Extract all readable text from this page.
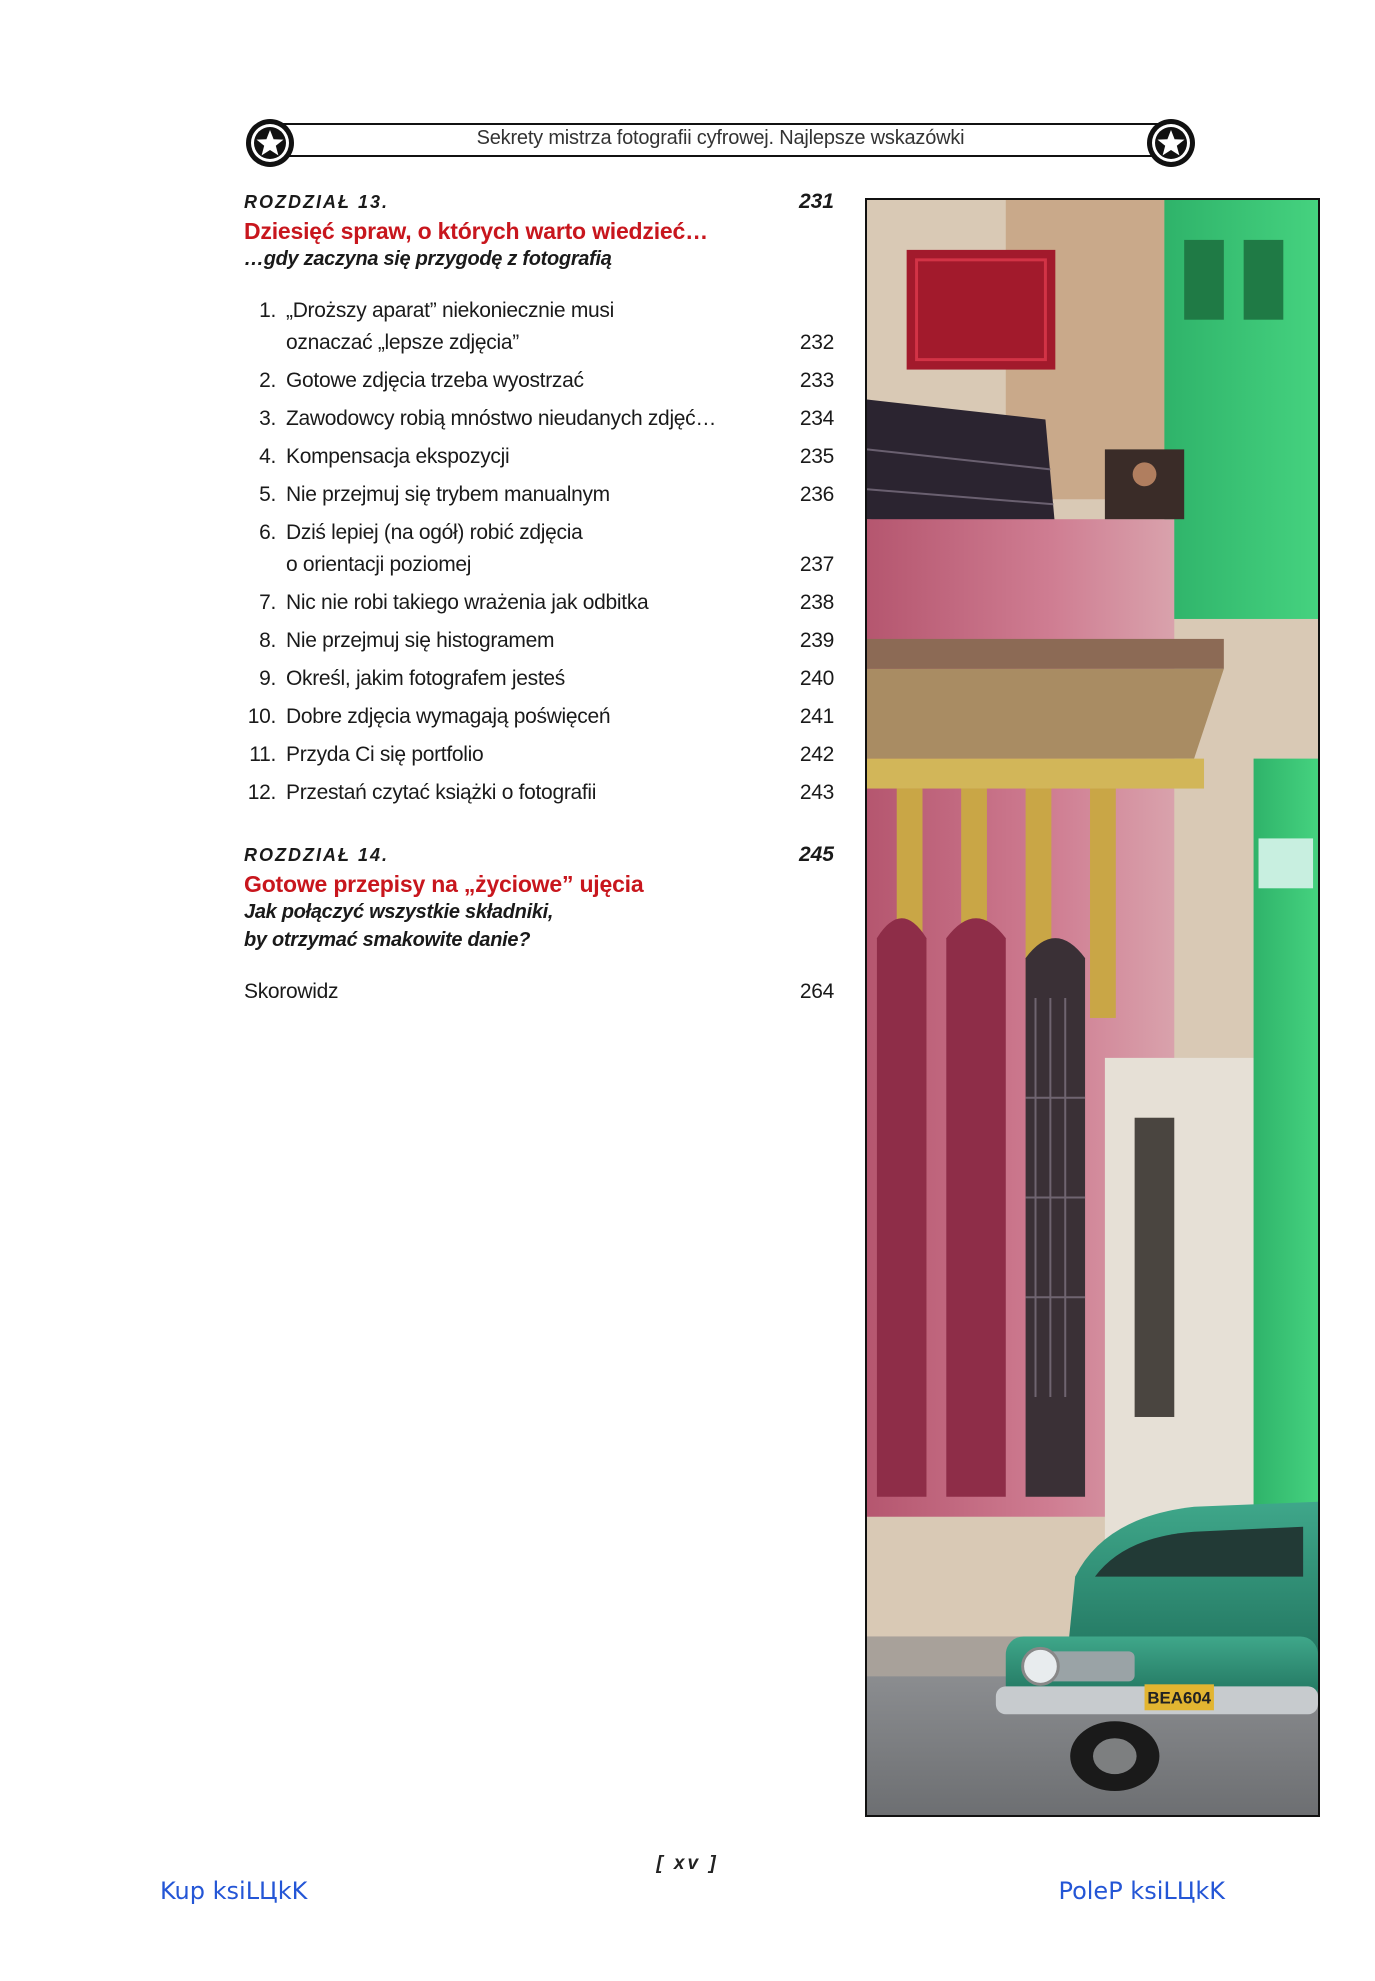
Sekrety mistrza fotografii cyfrowej. Najlepsze wskazówki
ROZDZIAŁ 13.	231
Dziesięć spraw, o których warto wiedzieć…
…gdy zaczyna się przygodę z fotografią
1. „Droższy aparat” niekoniecznie musi
oznaczać „lepsze zdjęcia”	232
2. Gotowe zdjęcia trzeba wyostrzać	233
3. Zawodowcy robią mnóstwo nieudanych zdjęć…	234
4. Kompensacja ekspozycji	235
5. Nie przejmuj się trybem manualnym	236
6. Dziś lepiej (na ogół) robić zdjęcia
o orientacji poziomej	237
7. Nic nie robi takiego wrażenia jak odbitka	238
8. Nie przejmuj się histogramem	239
9. Określ, jakim fotografem jesteś	240
10. Dobre zdjęcia wymagają poświęceń	241
11. Przyda Ci się portfolio	242
12. Przestań czytać książki o fotografii	243
ROZDZIAŁ 14.	245
Gotowe przepisy na „życiowe” ujęcia
Jak połączyć wszystkie składniki,
by otrzymać smakowite danie?
Skorowidz	264
BEA604
[ xv ]
Kup ksiLЦkK	PoleP ksiLЦkK
